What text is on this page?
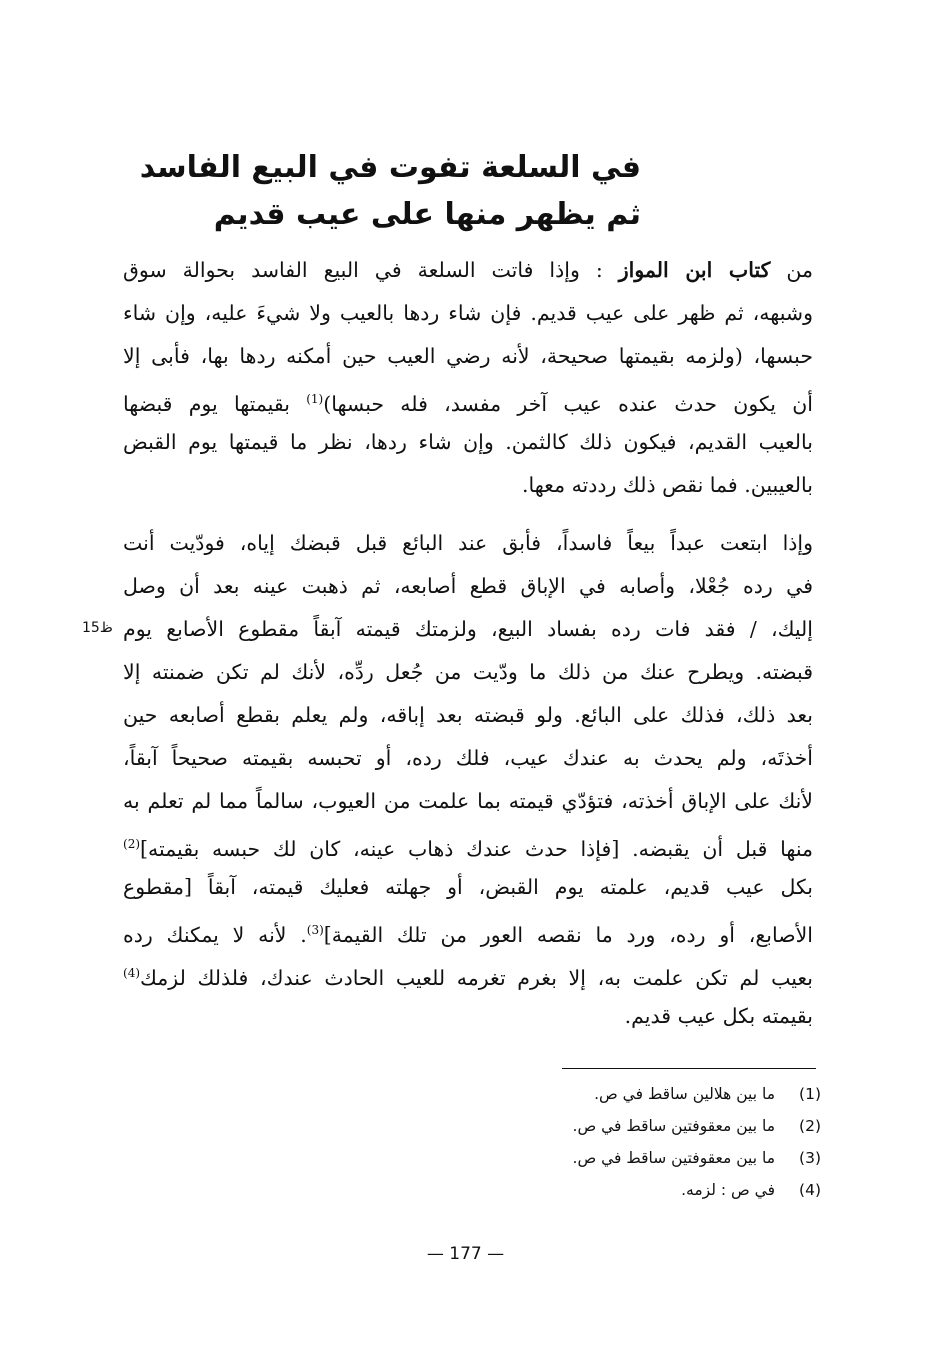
في السلعة تفوت في البيع الفاسد
ثم يظهر منها على عيب قديم
من كتاب ابن المواز : وإذا فاتت السلعة في البيع الفاسد بحوالة سوق
وشبهه، ثم ظهر على عيب قديم. فإن شاء ردها بالعيب ولا شيءَ عليه، وإن شاء
حبسها، (ولزمه بقيمتها صحيحة، لأنه رضي العيب حين أمكنه ردها بها، فأبى إلا
أن يكون حدث عنده عيب آخر مفسد، فله حبسها)$^{(1)}$ بقيمتها يوم قبضها
بالعيب القديم، فيكون ذلك كالثمن. وإن شاء ردها، نظر ما قيمتها يوم القبض
بالعيبين. فما نقص ذلك رددته معها.
وإذا ابتعت عبداً بيعاً فاسداً، فأبق عند البائع قبل قبضك إياه، فودّيت أنت
في رده جُعْلا، وأصابه في الإباق قطع أصابعه، ثم ذهبت عينه بعد أن وصل
إليك، / فقد فات رده بفساد البيع، ولزمتك قيمته آبقاً مقطوع الأصابع يوم
قبضته. ويطرح عنك من ذلك ما ودّيت من جُعل ردِّه، لأنك لم تكن ضمنته إلا
بعد ذلك، فذلك على البائع. ولو قبضته بعد إباقه، ولم يعلم بقطع أصابعه حين
أخذتَه، ولم يحدث به عندك عيب، فلك رده، أو تحبسه بقيمته صحيحاً آبقاً،
لأنك على الإباق أخذته، فتؤدّي قيمته بما علمت من العيوب، سالماً مما لم تعلم به
منها قبل أن يقبضه. [فإذا حدث عندك ذهاب عينه، كان لك حبسه بقيمته]$^{(2)}$
بكل عيب قديم، علمته يوم القبض، أو جهلته فعليك قيمته، آبقاً [مقطوع
الأصابع، أو رده، ورد ما نقصه العور من تلك القيمة]$^{(3)}$. لأنه لا يمكنك رده
بعيب لم تكن علمت به، إلا بغرم تغرمه للعيب الحادث عندك، فلذلك لزمك$^{(4)}$
بقيمته بكل عيب قديم.
ظ15
(1)ما بين هلالين ساقط في ص.
(2)ما بين معقوفتين ساقط في ص.
(3)ما بين معقوفتين ساقط في ص.
(4)في ص : لزمه.
— 177 —
